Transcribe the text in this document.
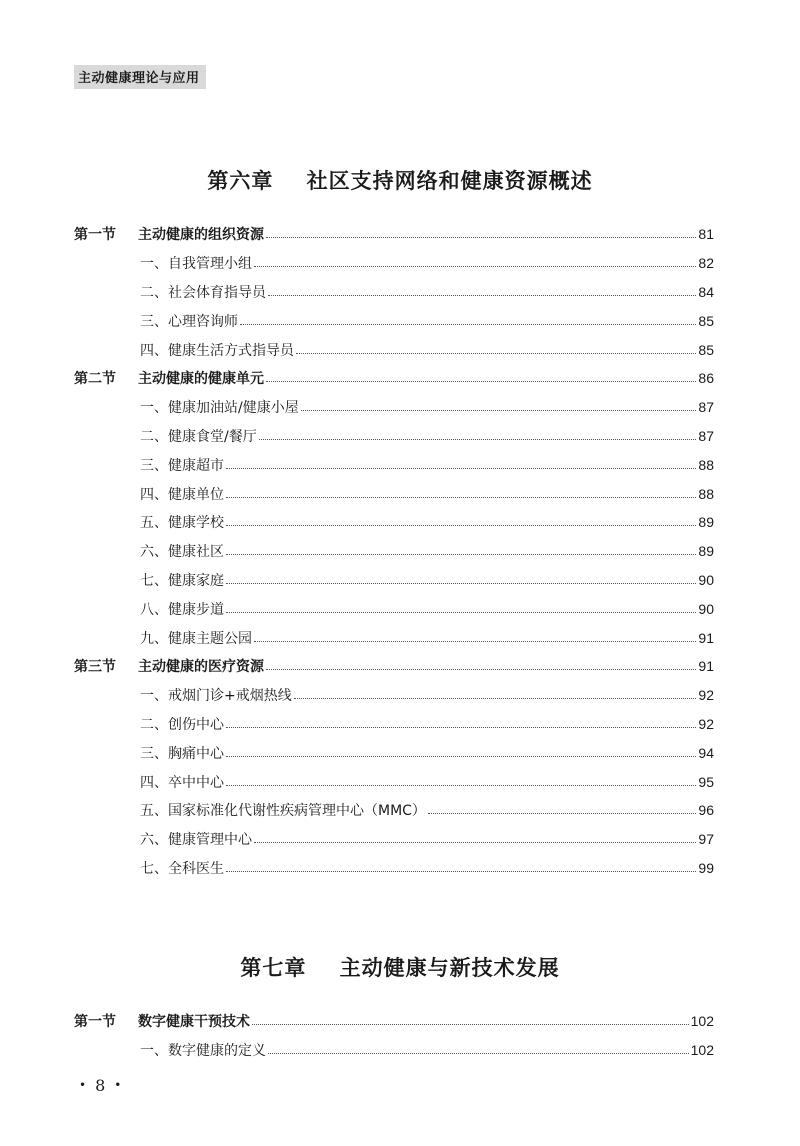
主动健康理论与应用
第六章    社区支持网络和健康资源概述
第一节	主动健康的组织资源	81
一、自我管理小组	82
二、社会体育指导员	84
三、心理咨询师	85
四、健康生活方式指导员	85
第二节	主动健康的健康单元	86
一、健康加油站/健康小屋	87
二、健康食堂/餐厅	87
三、健康超市	88
四、健康单位	88
五、健康学校	89
六、健康社区	89
七、健康家庭	90
八、健康步道	90
九、健康主题公园	91
第三节	主动健康的医疗资源	91
一、戒烟门诊+戒烟热线	92
二、创伤中心	92
三、胸痛中心	94
四、卒中中心	95
五、国家标准化代谢性疾病管理中心（MMC）	96
六、健康管理中心	97
七、全科医生	99
第七章    主动健康与新技术发展
第一节	数字健康干预技术	102
一、数字健康的定义	102
• 8 •
